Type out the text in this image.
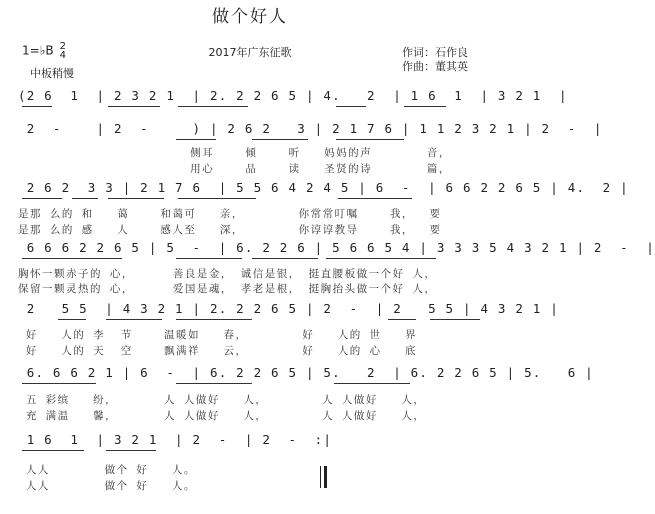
做个好人
2017年广东征歌
1=♭B 2
4
中板稍慢
作词：石作良
作曲：董其英
(2 6  1  | 2 3 2 1  | 2. 2 2 6 5 | 4.   2  | 1 6  1  | 3 2 1  |
2  -    | 2  -     ) | 2 6 2   3 | 2 1 7 6 | 1 1 2 3 2 1 | 2  -  |
侧耳    倾    听   妈妈的声       音，
用心    品    读   圣贤的诗       篇，
2 6 2  3 3 | 2 1 7 6  | 5 5 6 4 2 4 5 | 6  -  | 6 6 2 2 6 5 | 4.  2 |
是那 么的 和   蔼    和蔼可   亲，       你常常叮嘱    我，  要
是那 么的 感   人    感人至   深，       你谆谆教导    我，  要
6 6 6 2 2 6 5 | 5  -  | 6. 2 2 6 | 5 6 6 5 4 | 3 3 3 5 4 3 2 1 | 2  -  |
胸怀一颗赤子的 心，     善良是金， 诚信是银， 挺直腰板做一个好 人，
保留一颗灵热的 心，     爱国是魂， 孝老是根， 挺胸抬头做一个好 人，
2   5 5  | 4 3 2 1 | 2. 2 2 6 5 | 2  -  | 2   5 5 | 4 3 2 1 |
好   人的 李  节    温暖如   春，       好   人的 世   界
好   人的 天  空    飘满祥   云，       好   人的 心   底
6. 6 6 2 1 | 6  -  | 6. 2 2 6 5 | 5.   2  | 6. 2 2 6 5 | 5.   6 |
五 彩缤   纷，      人 人做好   人，       人 人做好   人，
充 满温   馨，      人 人做好   人，       人 人做好   人，
1 6  1  | 3 2 1  | 2  -  | 2  -  :|
人人       做个 好   人。
人人       做个 好   人。
